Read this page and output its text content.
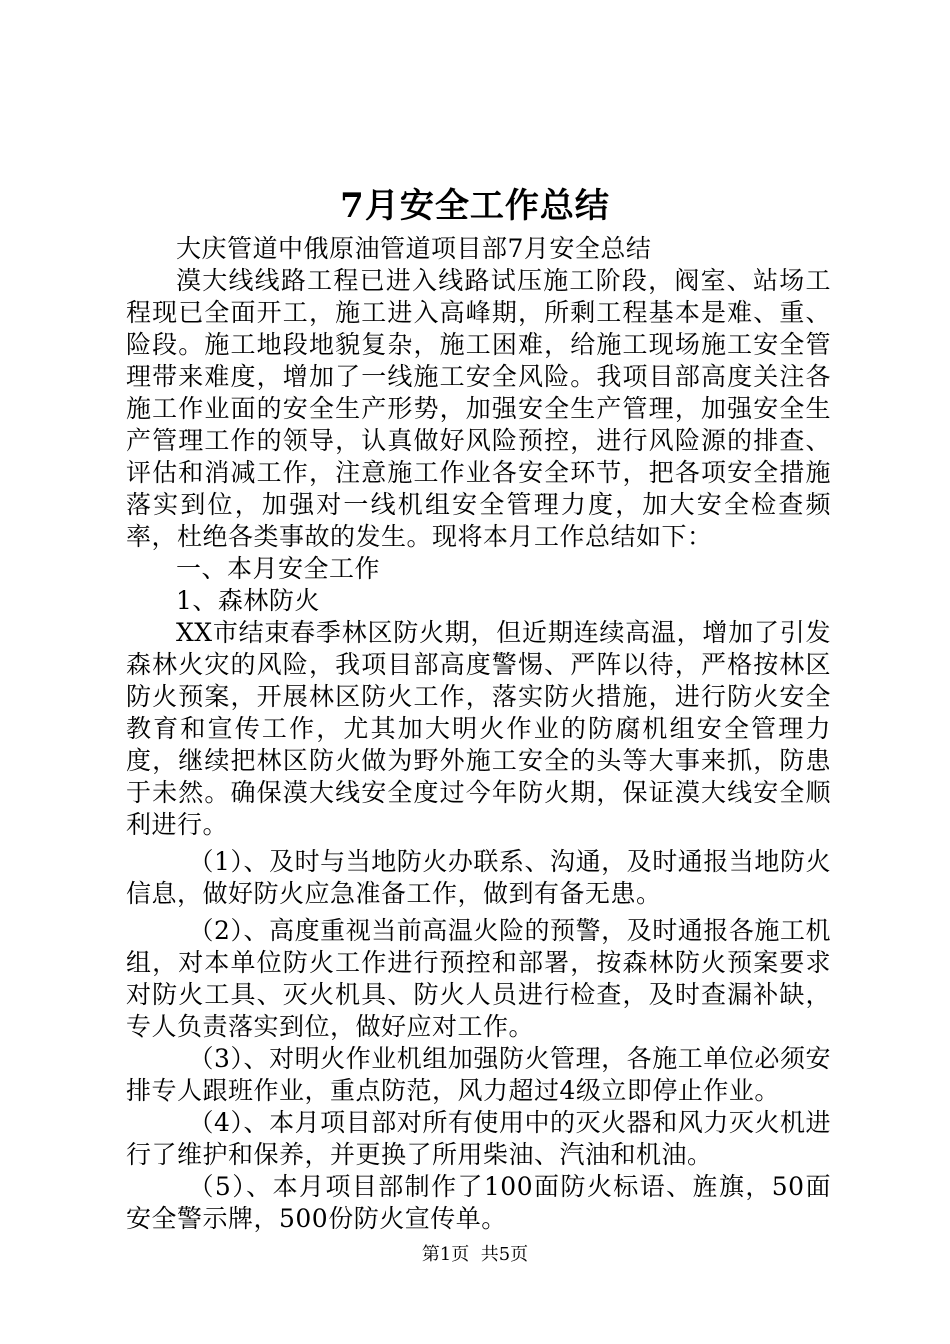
7月安全工作总结

大庆管道中俄原油管道项目部7月安全总结

漠大线线路工程已进入线路试压施工阶段，阀室、站场工程现已全面开工，施工进入高峰期，所剩工程基本是难、重、险段。施工地段地貌复杂，施工困难，给施工现场施工安全管理带来难度，增加了一线施工安全风险。我项目部高度关注各施工作业面的安全生产形势，加强安全生产管理，加强安全生产管理工作的领导，认真做好风险预控，进行风险源的排查、评估和消减工作，注意施工作业各安全环节，把各项安全措施落实到位，加强对一线机组安全管理力度，加大安全检查频率，杜绝各类事故的发生。现将本月工作总结如下：

一、本月安全工作

1、森林防火

XX市结束春季林区防火期，但近期连续高温，增加了引发森林火灾的风险，我项目部高度警惕、严阵以待，严格按林区防火预案，开展林区防火工作，落实防火措施，进行防火安全教育和宣传工作，尤其加大明火作业的防腐机组安全管理力度，继续把林区防火做为野外施工安全的头等大事来抓，防患于未然。确保漠大线安全度过今年防火期，保证漠大线安全顺利进行。

（1）、及时与当地防火办联系、沟通，及时通报当地防火信息，做好防火应急准备工作，做到有备无患。

（2）、高度重视当前高温火险的预警，及时通报各施工机组，对本单位防火工作进行预控和部署，按森林防火预案要求对防火工具、灭火机具、防火人员进行检查，及时查漏补缺，专人负责落实到位，做好应对工作。

（3）、对明火作业机组加强防火管理，各施工单位必须安排专人跟班作业，重点防范，风力超过4级立即停止作业。

（4）、本月项目部对所有使用中的灭火器和风力灭火机进行了维护和保养，并更换了所用柴油、汽油和机油。

（5）、本月项目部制作了100面防火标语、旌旗，50面安全警示牌，500份防火宣传单。

第1页  共5页
